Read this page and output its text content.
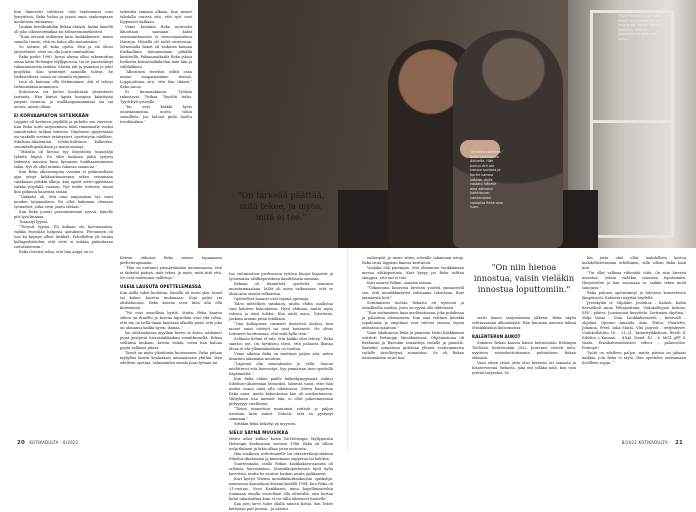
Kun tkäiovetri valittivat, että vanhemmat ovat lymyittävä. Reka halusi ja jaaasi omia vanhempiaan koulutusta rahtaansa.

Laukan lirtelksuhdiin Rekaa ehtiytä, koska hänellä oli joko oikeustermiikaa tai tellnevömiinelkeiteit.

“Kuin olevani erillainen kuin luokkakaverit, muita samalla tunsin, että en halua olla muuntainen.”

Se asenne oli koko opitta. Että ja siä olivat järjestäneet, ettei vis olla juurit onnilauhtaa.

Reka perhe 1980 -luvun alussa alkoi rakennuttaa omaa kotia Helsingin Myllypuroon, tai sit ynmärtäinyt rakentamisesta mitään. Muttia äiti ja ymmärsi ja johti projektia. Kun työntehet aamuilla tulivat, he tiedusteltivat, missä on ensäntä ehjimeen.

Isuä oli kainaan olla förtämäninä. Äiti el tehnyt tietämiistään mimmisen.

Kotioloissa isä kertoi koulutärää yänntitävät tarinoita. Hän kantoi lapsia huoupan käärityinä ympäri asuntoa, ja mallilangasmiamiani sai sai arvata, missä ollaan.

EI KORVAAMATON SIITENKÄÄN

Läppäri oli kertinen pöydällä ja puhelin sen vieressä. Kun Reka soitti sarpuenmen tuksi ränanmalle vuoksi sukuitteiden tulikon tabseen. Ohjelmien pjöytessään esi vaakelle soviturt eräittyriset, opettutyöin edelliset, Sibeliuss-Akatemian teloka-kulttuuri, kolkeisku, suunnittelupaikoksen ja muita menoja.

“Minulla oli hievan syy ilmystolen tunnejäljä tyktätä häpeä. En ollut koskaan jäätä syrjivöi taiteesta muusen kuin hyvaasen loukkaantumisten takia. Nyt eli ollut mitään vakavaa saamuua.”

Kun Reka alkaisempina vuosina ei puhmmellaan ajaa yönyt kohkauttamisensa sekoo seisomaan rautkauan pittikin alkuja, kun oparit sotto-opplattaan vaikka pöydällä rauasin. Nyt tiedet totteisit, missä ihin pitkässä kaartista sisään.

“Vakkaloi oli, että oma ampuvaisin tyä vaati muiden työpanoksen. En ollut hakeman olemaan työmiehet, jotka eivät joudu tilelaat.”

Kun Reka juonut persuntramaan tyyssä, hänelle pitt lyyä kunnaa.

Tuunatyi lyyssä.

“Tietysti tyyryä. Eli kukaan ole korvaamaton, vaikka itsestään helpossi ajatuksesi. Persunnen oli tosi ku kyynyn olleet tärkkää. Puhelleihin yli vatäisi kollageyhtiöiden, että sotto ei mitään paikoitaana tartuttaneisiin.”

Reka itsevitti sekin, että hän auppi on iu

taiteiden samaan alkaan, kun menet talodalla ourissä sitä, että työt ovat loppuneet kalkaan.

Viime keväänä Reka mattuotti lähsittaan saamaan kaksi raustamittaisesta ei suvuvuaaasuksta Hansoja. Hänellä oli todet neuvostaa. Menemalla hänet oli vaikusta kaunaa Kiedaalkuta lentamneman pitkällä käsitteillä. Palaaamatkaiila Reka jaksoi hetkoitta konsertaikaluelan muu kiin ja välähälkeen.

“Alhuttisen ferrittisi selitti osan minun suaparnaimme itsessä. Loppujuttuna sitä, että hän tiktani,” Reka sanoo.

Ei kunnianhimon. Työtäin rakastavat. Tutkaa. Täysiltä tiuku. Tyydeltylt ystaville.

“Ke ovat karkki hyvis onnistannustaa, mutta vähin vaaaillista, jos halusit pitää huolta itsedäisäänn.”

Kerran viikossa Reka menee tapaamaan perheterapiaaata.

“Hän on auttanut ymmärtämään muunmuassa, että ei tärkeitä päätyä, mitä tekee, ja myös, mitä siitä että. Ne ovat molemmat vallittuja.”

USEIA LAUSUTA OPETTELEMASSA

Kun Atilla tuket koulutua, hänellä oli usein yksi, kuusi tai kolme kaveria mukanaan. Koju paljsi vai ohrilatinossa. Reka kasvaa ieesi kuin ulta ellä kiittimässä.

“Ne ovat omsellisia hyttiä. Mutta, Reka kaatuu siihen on ihmellu ja kasvaa lapsellani ovat sitä rohin, että tuo on hellä ilman kauttaan alkoilla pitää, että joka on uhmansa kaikki hyvin, ihanaa.”

Isu ohittaialaivaa myyllain kertoi oo kotoa, näiläänet pojat pystyivät hieraisinkkiukan venäitkesseltä. Rekan seiltänsa mukaan, kroota vinnla, toven hän haluaa peptä vallansa pitaat.

Tiessä on myös ylästiöinta luoteumnen. Reka puhaia mykyllisi kimen koalaukset aalamatsarin yhiihin. Hän edelleen opettaa, valmmiinlen omisla juuri lyttaan tai

“Must demosit ovat usein ihania ja puhtaat, kun ei ilma jatua. Vaikka kaikka ajattonni, että he southeart tai että ovat ovissa.”
“Ainakka valtakoa,” Reka sanoi lauvu Akihatta. Hän puhuu Arti ain kanssa suomea ja Kurtin kanssa saksaa. Atilla vastatu hänelle aina saksaksi kaikkituvan vanhempien vasupilla Reka ainu ruan.

tuo viulunsoiton professorin tyttöen lässyä kopoivat ja työurnaisia sälitkäpostiksen kaudellaisia suuntaa.

Rekaan oli kiinnittelä opettelet samoaan muastumnaalaan. Miltä oli usein vaikeuasaa, että se ehan aina omista velkaistim.

Opettelleet laaunet ovat täynnä opinnoja.

Talen mielellästi meakaan, mutta ehdin osallistua vain kahteen kokoukseen. Hyvä ehdinaa, mutta myös tulossa ja ääni tuhdoi. Kiin näitä asioa. Yolatitean, joukasa muuan pitää tehdääan.

“Ona kollegoissa varmasti ilmeetteä alalissi, kun monet aniat töistyöt tai ovat hoitaneet. He olivat tottuneet hoottomaan, että mitä kyllä teen.”

Sellaista helmii el tule, että kaikki ohui tehtey.” Reka sänttoo nyt. On hyvikseni tätvä, että palaasta lhanaa ideaa ei eht yllammikoidaan on tonttoa.

Viime aikoina Reka on miettinyt paljon sitä, miten ihmisten aikaimina muuttuu.

“Lapsena olin muutaksisiin ja vällä. Sanoin mieliittessi että haevenäyt. Syy ymmärtan tuen opettellä häpeämättä.”

Kun Reka vähän päälle kolmekymppisenä vaihtoi Sibeliuse-Akatemian lehtoriksi, hänestä tunsi, ettei hän niiden osana enää olla oikeavassa. Sitten kuopettaa Reka osasi, mutta kokouksissa hän oli ensikertaisena. Vähtyksesi hän minneit hän, ei ollut pukeumavoaan pittyysyyä viralliseen.

“Tiesin tunnettuui muutamat ruttivät jo paljon uvostuin kuin minut. Nohotti, että en pystynyt sanmaan.”

Sittäkin Reka kehittyi yä myytsen.

SIELU SÄYNÄ MUUSIKKA

Metro alliot kulkee kossa Itä-Helsingin Myllypuosta Helsingin Keskustaan vuoteen 1986. Reka oli silloin neljä-ikäinen ja lukio alkaa joten motorota.

Hän matkusti soittotunnelle tai orkesteriharjoituksiin Sibelius-Akatemian ja kaniemaan oopperaa tai balettia.

Suurtenmaila osalla Rekan kaokkakava-asinuta oli erilaisia harrastuksia. Muusikkoperheesiä hyvä kyliä kaverista, mutta he asuivat koskan asoita juokkaavat.

Kuri kyöyti Wienin musiikkikorkeakoulun opiskelija-asunnossa Kaumiluun kesänä kesällä 1994, kun Reka oli 21-vuotias. Neni Kankkasen mina kapellimesitehtä tommaan omalla vuorollaan ella elitävällä, ensi kertaa kohti rakastuiltua kuin ei voi niltä lähteneet huutelle.

Kun neit tarve tulee ollalla ninistä kotiin, hän Tekee kettoisaa pati juusnä – ja salattu

"On tärkeää päättää, mitä tekee, ja myös, mitä ei tee."

vuilaripöit ja mene sitten sobvalle takamaan istoja. Reka istuu läppärin kanssa keittiössä.

Vuolaka oliä parempia, että elutamien vuokkamaan menoa sähköpostista. Kurt kysyy, jos Reka valttaa siinggoa, että uni ei tule.

Kurt nauree Rekan, sanoäin astaaa.

“Viikontoina kuorossa hyvinen youtttä ymmärsiväl sen, että muutikkinäytisi sidonnana taloistaan. Kurt ymmärsää hoti.”

Soittamiseni tuottaa Rekasta eti nystestä ja onnellisella asialiia, josta on syyttä olla tähfeiseen.

“Kun soittaminen kuin meditaatioana, joka puhdistaa ja palauttaa olennaiseen. Kun aina voittaisi kuvakki tapahtuma ja ongelmat ovat tulevat sivussa täysin mittasein määroon.”

Viine lokakuussa Reka ja pianistin Heini Kärkkäinen esittivät Helsingin Musiikitalossa. Ohjelmistossa oli Brahmsin ja Bartokin sonaatteja viulalle ja pianolle. Bartokin sonaatissa pidetään yhtenä vaativimmasta viulalle sävellettynä sonaattina. Se oli Rekan ensimmäinen suuri kon

"On niin hienoa innostua, vaisin vieläkin innostua loputtomiin."

sertti hanen suojemisensa jälkeen. Reka näytti sviittasaanan ulkonäöästä: Hän hmmsän nauvsin Inkeni Musiikkitalon katsomoissa.

KALENTERIIN AUKOT

Summer Rekan kaussa hänen keittiössään Helsingin Töölössä. Keittiössään 2022. Juurenne virrotti tieta, nyytteen ruotsekeittotteauta puhtaitteen Rekan elämäsä.

Vaan sitten tässä jutta olisi kertomu tai samasta ja lukuterveeinä. Rekasta, joka eisi valkka mitä, kun vain yrittää tarpeeksi. Se

kin jutta olisi ollut mahdollista kertoa mahdollistettuman erbelliinen, sillä silloin Reka hadi niin.

“On ollut valkeaa vähentää töitä. On niin hirvveä innostua, vetäin vieläkin innostua loputtomiin. Harjoittelen ja hän sanonaan ei, vaikka tekisi mieli sanojuoo.”

Reka puhuen opetarimnyt ja tulevista konserteista lämpöisesti. Kalenteri näyttää täydeltä.

Jyväskylän vi! Silpäilut. Jouluhus – harksh. Kodin Kavaelkeli Anna Pihlajasttemi. Viulukollegion kokous. SPS – pilates. Joustomuut kuvuttelu. Sortimien ohjelma.” Mitja Nizaa – Oulu. Luokkakonsertti – kevavalli – ohjelma. Operan: Amanda, Aino, Trifou, Charlotte, Johanna, Freel, Inka Marla, Vilu Jaqreel – erityiskyvet. Viulukollohtiin 16 – 21–21. Taiturityläkokous. Beeth 4. Sibeliiu s Kuunne. – 4-kpl. Mend. 43 – 8. MCZ gFP 4. Vaahi. Erasikohtexehtävien videot – palautetlee. Prokopit!

Työtä on edelleen paljon, mutta päiviin on jaksaat kaikkia, jota Reka ei täytä. Hän opettelee asettamaan itsellleen rajoja. “

20 KOTIKADULTA · 8/2022	8/2022 KOTIKADULTA · 21
